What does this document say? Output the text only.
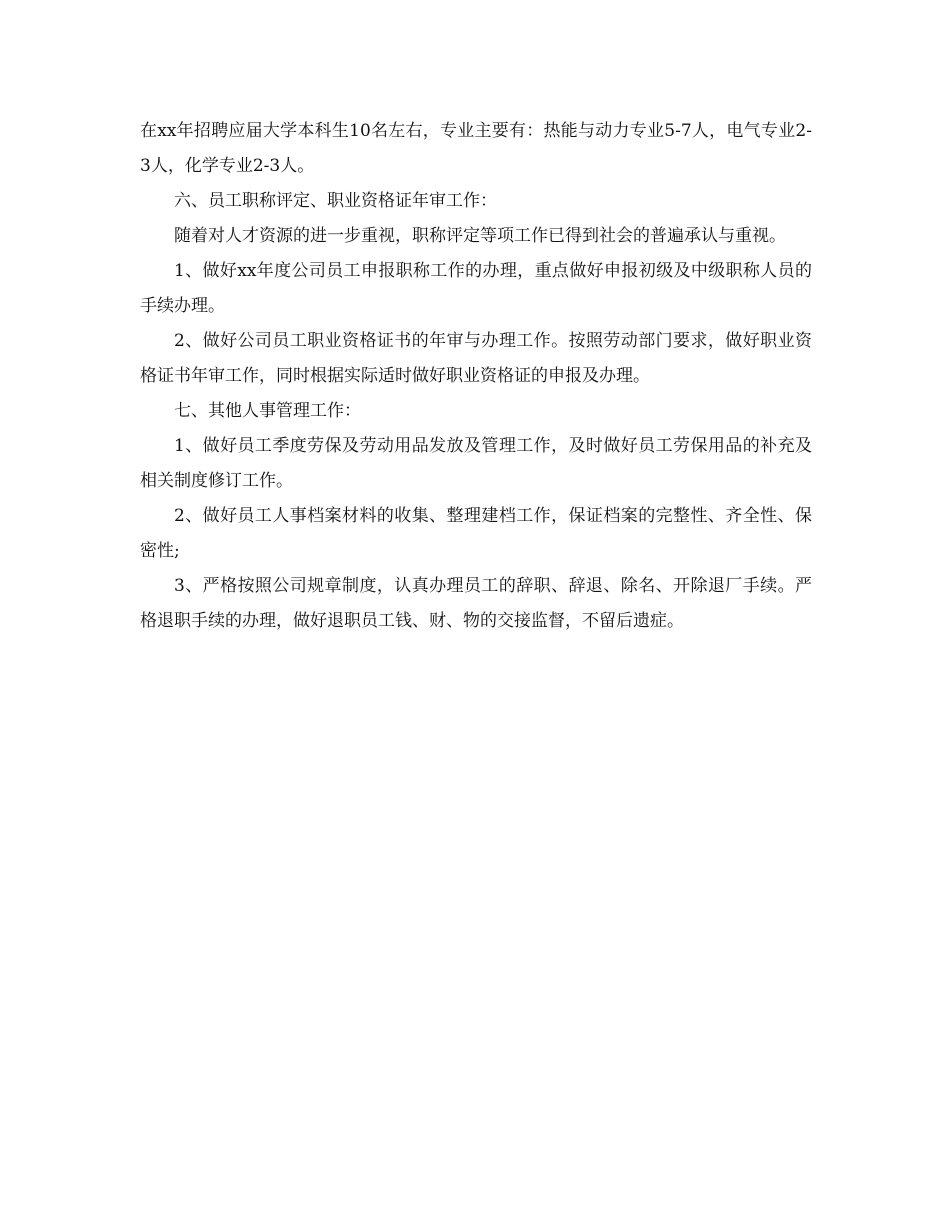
在xx年招聘应届大学本科生10名左右，专业主要有：热能与动力专业5-7人，电气专业2-3人，化学专业2-3人。

六、员工职称评定、职业资格证年审工作：

随着对人才资源的进一步重视，职称评定等项工作已得到社会的普遍承认与重视。

1、做好xx年度公司员工申报职称工作的办理，重点做好申报初级及中级职称人员的手续办理。

2、做好公司员工职业资格证书的年审与办理工作。按照劳动部门要求，做好职业资格证书年审工作，同时根据实际适时做好职业资格证的申报及办理。

七、其他人事管理工作：

1、做好员工季度劳保及劳动用品发放及管理工作，及时做好员工劳保用品的补充及相关制度修订工作。

2、做好员工人事档案材料的收集、整理建档工作，保证档案的完整性、齐全性、保密性;

3、严格按照公司规章制度，认真办理员工的辞职、辞退、除名、开除退厂手续。严格退职手续的办理，做好退职员工钱、财、物的交接监督，不留后遗症。
